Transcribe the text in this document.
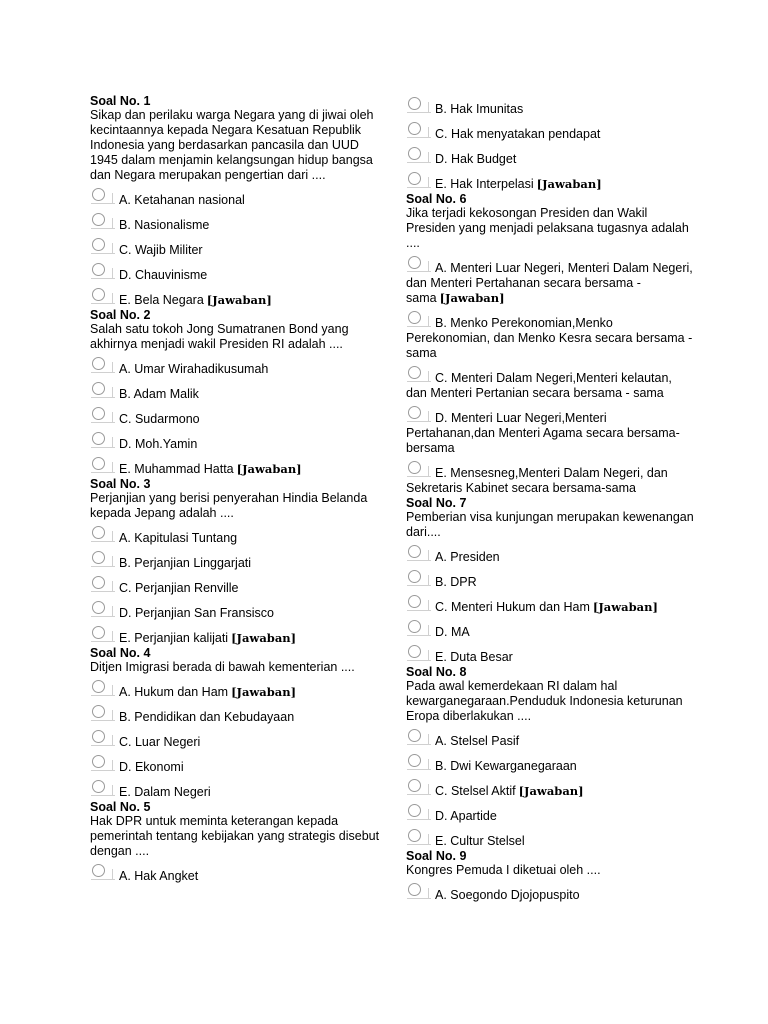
Soal No. 1
Sikap dan perilaku warga Negara yang di jiwai oleh kecintaannya kepada Negara Kesatuan Republik Indonesia yang berdasarkan pancasila dan UUD 1945 dalam menjamin kelangsungan hidup bangsa dan Negara merupakan pengertian dari ....
A. Ketahanan nasional
B. Nasionalisme
C. Wajib Militer
D. Chauvinisme
E. Bela Negara [Jawaban]
Soal No. 2
Salah satu tokoh Jong Sumatranen Bond yang akhirnya menjadi wakil Presiden RI adalah ....
A. Umar Wirahadikusumah
B. Adam Malik
C. Sudarmono
D. Moh.Yamin
E. Muhammad Hatta [Jawaban]
Soal No. 3
Perjanjian yang berisi penyerahan Hindia Belanda kepada Jepang adalah ....
A. Kapitulasi Tuntang
B. Perjanjian Linggarjati
C. Perjanjian Renville
D. Perjanjian San Fransisco
E. Perjanjian kalijati [Jawaban]
Soal No. 4
Ditjen Imigrasi berada di bawah kementerian ....
A. Hukum dan Ham [Jawaban]
B. Pendidikan dan Kebudayaan
C. Luar Negeri
D. Ekonomi
E. Dalam Negeri
Soal No. 5
Hak DPR untuk meminta keterangan kepada pemerintah tentang kebijakan yang strategis disebut dengan ....
A. Hak Angket
B. Hak Imunitas
C. Hak menyatakan pendapat
D. Hak Budget
E. Hak Interpelasi [Jawaban]
Soal No. 6
Jika terjadi kekosongan Presiden dan Wakil Presiden yang menjadi pelaksana tugasnya adalah ....
A. Menteri Luar Negeri, Menteri Dalam Negeri, dan Menteri Pertahanan secara bersama - sama [Jawaban]
B. Menko Perekonomian,Menko Perekonomian, dan Menko Kesra secara bersama - sama
C. Menteri Dalam Negeri,Menteri kelautan, dan Menteri Pertanian secara bersama - sama
D. Menteri Luar Negeri,Menteri Pertahanan,dan Menteri Agama secara bersama-bersama
E. Mensesneg,Menteri Dalam Negeri, dan Sekretaris Kabinet secara bersama-sama
Soal No. 7
Pemberian visa kunjungan merupakan kewenangan dari....
A. Presiden
B. DPR
C. Menteri Hukum dan Ham [Jawaban]
D. MA
E. Duta Besar
Soal No. 8
Pada awal kemerdekaan RI dalam hal kewarganegaraan.Penduduk Indonesia keturunan Eropa diberlakukan ....
A. Stelsel Pasif
B. Dwi Kewarganegaraan
C. Stelsel Aktif [Jawaban]
D. Apartide
E. Cultur Stelsel
Soal No. 9
Kongres Pemuda I diketuai oleh ....
A. Soegondo Djojopuspito
